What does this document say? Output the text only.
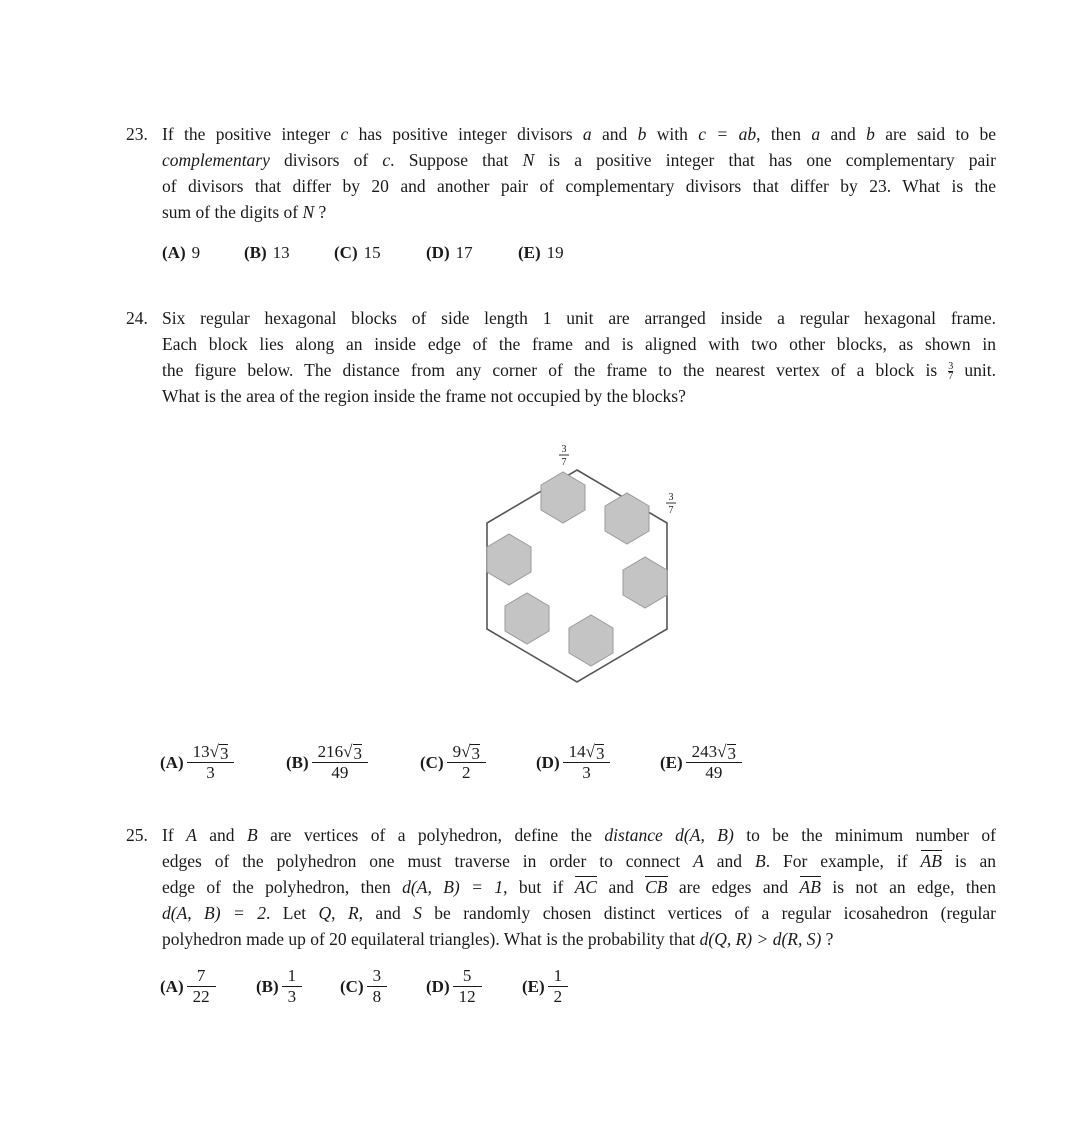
23. If the positive integer c has positive integer divisors a and b with c = ab, then a and b are said to be
complementary divisors of c. Suppose that N is a positive integer that has one complementary pair
of divisors that differ by 20 and another pair of complementary divisors that differ by 23. What is the
sum of the digits of N ?
(A) 9	(B) 13	(C) 15	(D) 17	(E) 19
24. Six regular hexagonal blocks of side length 1 unit are arranged inside a regular hexagonal frame.
Each block lies along an inside edge of the frame and is aligned with two other blocks, as shown in
the figure below. The distance from any corner of the frame to the nearest vertex of a block is $\frac{3}{7}$ unit.
What is the area of the region inside the frame not occupied by the blocks?
3
7
3
7
$(A) \frac{13 √ 3}{3}$	$(B) \frac{216 √ 3}{49}$	$(C) \frac{9 √ 3}{2}$	$(D) \frac{14 √ 3}{3}$	$(E) \frac{243 √ 3}{49}$
25. If A and B are vertices of a polyhedron, define the distance d(A, B) to be the minimum number of
edges of the polyhedron one must traverse in order to connect A and B. For example, if AB is an
edge of the polyhedron, then d(A, B) = 1, but if AC and CB are edges and AB is not an edge, then
d(A, B) = 2. Let Q, R, and S be randomly chosen distinct vertices of a regular icosahedron (regular
polyhedron made up of 20 equilateral triangles). What is the probability that d(Q, R) > d(R, S) ?
$(A) \frac{7}{22}$	$(B) \frac{1}{3} (C) \frac{3}{8} (D) \frac{5}{12}$	$(E) \frac{1}{2}$
